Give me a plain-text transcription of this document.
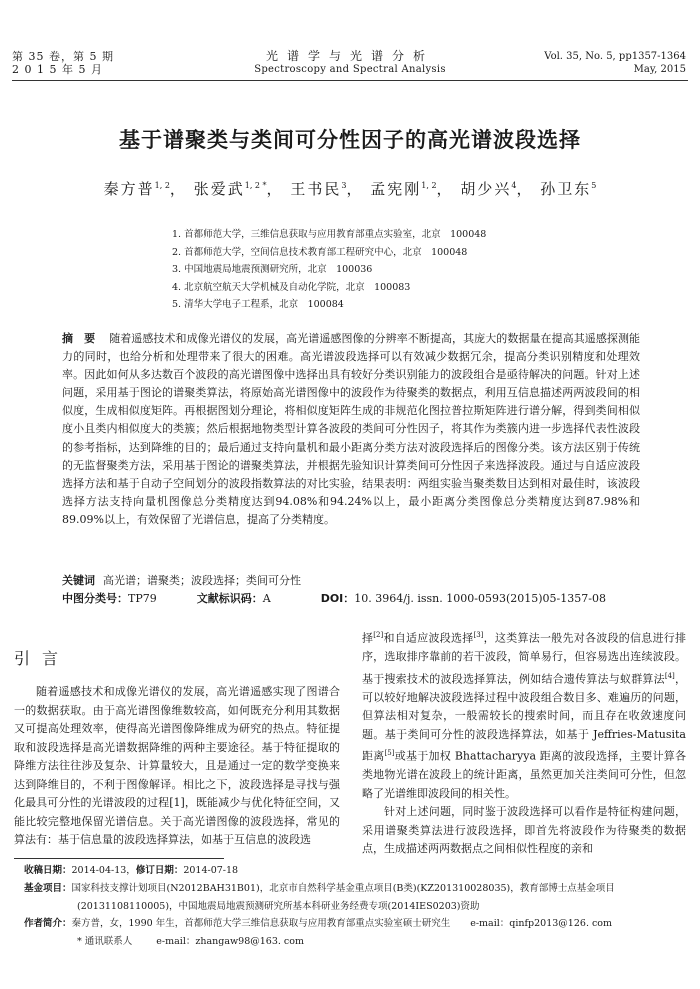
第 35 卷，第 5 期
2 0 1 5 年 5 月
光谱学与光谱分析
Spectroscopy and Spectral Analysis
Vol. 35, No. 5, pp1357-1364
May, 2015
基于谱聚类与类间可分性因子的高光谱波段选择
秦方普$^{1, 2}$， 张爱武$^{1, 2 *}$， 王书民$^3$， 孟宪刚$^{1, 2}$， 胡少兴$^4$， 孙卫东$^5$
1. 首都师范大学，三维信息获取与应用教育部重点实验室，北京　100048
2. 首都师范大学，空间信息技术教育部工程研究中心，北京　100048
3. 中国地震局地震预测研究所，北京　100036
4. 北京航空航天大学机械及自动化学院，北京　100083
5. 清华大学电子工程系，北京　100084
摘　要 随着遥感技术和成像光谱仪的发展，高光谱遥感图像的分辨率不断提高，其庞大的数据量在提高其遥感探测能力的同时，也给分析和处理带来了很大的困难。高光谱波段选择可以有效减少数据冗余，提高分类识别精度和处理效率。因此如何从多达数百个波段的高光谱图像中选择出具有较好分类识别能力的波段组合是亟待解决的问题。针对上述问题，采用基于图论的谱聚类算法，将原始高光谱图像中的波段作为待聚类的数据点，利用互信息描述两两波段间的相似度，生成相似度矩阵。再根据图划分理论，将相似度矩阵生成的非规范化图拉普拉斯矩阵进行谱分解，得到类间相似度小且类内相似度大的类簇；然后根据地物类型计算各波段的类间可分性因子，将其作为类簇内进一步选择代表性波段的参考指标，达到降维的目的；最后通过支持向量机和最小距离分类方法对波段选择后的图像分类。该方法区别于传统的无监督聚类方法，采用基于图论的谱聚类算法，并根据先验知识计算类间可分性因子来选择波段。通过与自适应波段选择方法和基于自动子空间划分的波段指数算法的对比实验，结果表明：两组实验当聚类数目达到相对最佳时，该波段选择方法支持向量机图像总分类精度达到94.08%和94.24%以上，最小距离分类图像总分类精度达到87.98%和89.09%以上，有效保留了光谱信息，提高了分类精度。
关键词 高光谱；谱聚类；波段选择；类间可分性
中图分类号：TP79	文献标识码：A	DOI：10. 3964/j. issn. 1000-0593(2015)05-1357-08
引言
随着遥感技术和成像光谱仪的发展，高光谱遥感实现了图谱合一的数据获取。由于高光谱图像维数较高，如何既充分利用其数据又可提高处理效率，使得高光谱图像降维成为研究的热点。特征提取和波段选择是高光谱数据降维的两种主要途径。基于特征提取的降维方法往往涉及复杂、计算量较大，且是通过一定的数学变换来达到降维目的，不利于图像解译。相比之下，波段选择是寻找与强化最具可分性的光谱波段的过程[1]，既能减少与优化特征空间，又能比较完整地保留光谱信息。关于高光谱图像的波段选择，常见的算法有：基于信息量的波段选择算法，如基于互信息的波段选

择[2]和自适应波段选择[3]，这类算法一般先对各波段的信息进行排序，选取排序靠前的若干波段，简单易行，但容易选出连续波段。基于搜索技术的波段选择算法，例如结合遗传算法与蚁群算法[4]，可以较好地解决波段选择过程中波段组合数目多、难遍历的问题，但算法相对复杂，一般需较长的搜索时间，而且存在收敛速度问题。基于类间可分性的波段选择算法，如基于 Jeffries-Matusita 距离[5]或基于加权 Bhattacharyya 距离的波段选择，主要计算各类地物光谱在波段上的统计距离，虽然更加关注类间可分性，但忽略了光谱维即波段间的相关性。

针对上述问题，同时鉴于波段选择可以看作是特征构建问题，采用谱聚类算法进行波段选择，即首先将波段作为待聚类的数据点，生成描述两两数据点之间相似性程度的亲和

收稿日期：2014-04-13，修订日期：2014-07-18
基金项目：国家科技支撑计划项目(N2012BAH31B01)，北京市自然科学基金重点项目(B类)(KZ201310028035)，教育部博士点基金项目
(20131108110005)，中国地震局地震预测研究所基本科研业务经费专项(2014IES0203)资助
作者简介：秦方普，女，1990 年生，首都师范大学三维信息获取与应用教育部重点实验室硕士研究生 e-mail：qinfp2013@126. com
* 通讯联系人	e-mail：zhangaw98@163. com
